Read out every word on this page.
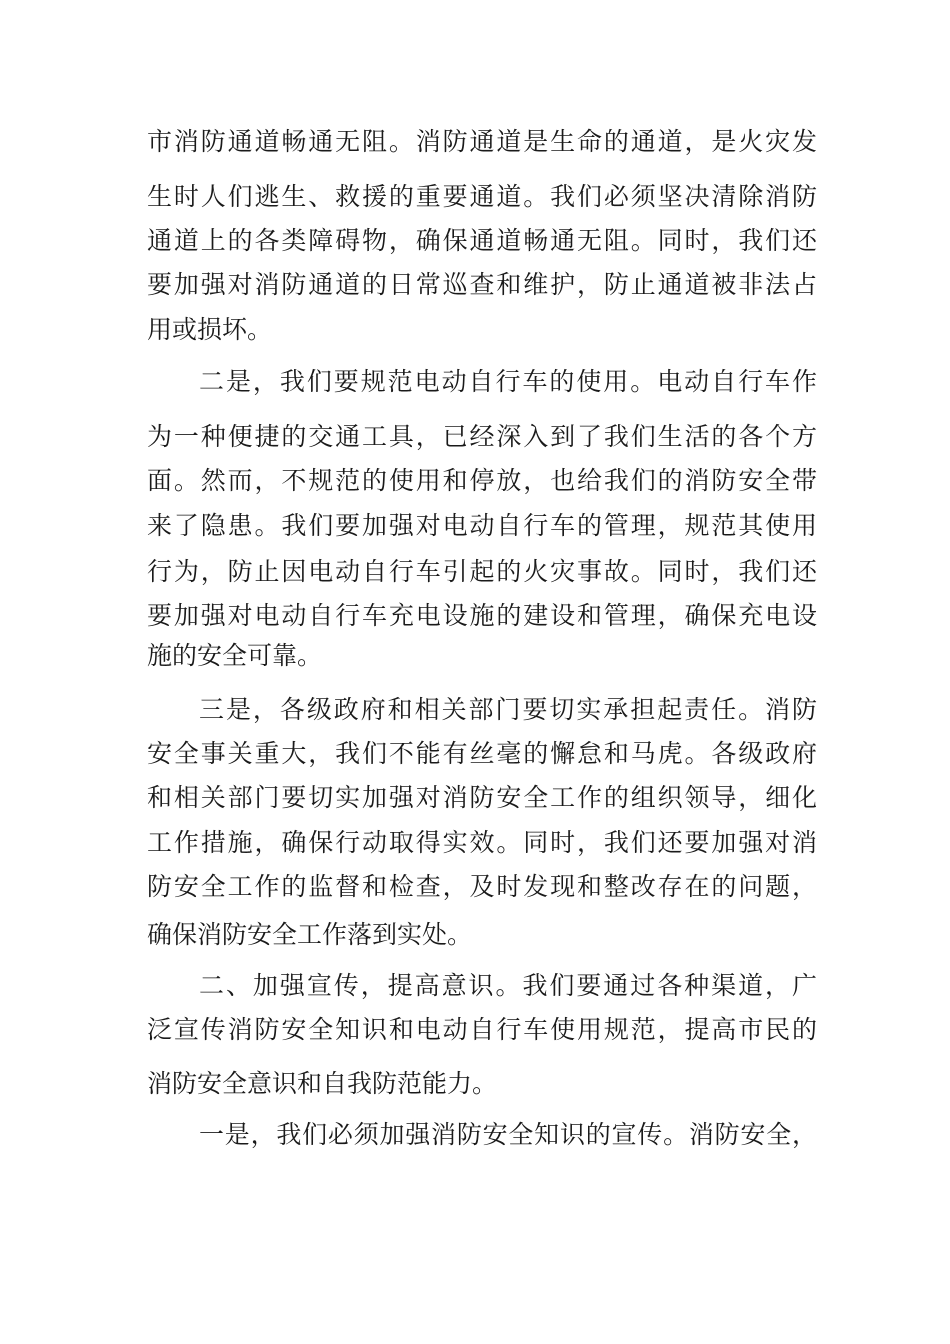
市消防通道畅通无阻。消防通道是生命的通道，是火灾发
生时人们逃生、救援的重要通道。我们必须坚决清除消防
通道上的各类障碍物，确保通道畅通无阻。同时，我们还
要加强对消防通道的日常巡查和维护，防止通道被非法占
用或损坏。
二是，我们要规范电动自行车的使用。电动自行车作
为一种便捷的交通工具，已经深入到了我们生活的各个方
面。然而，不规范的使用和停放，也给我们的消防安全带
来了隐患。我们要加强对电动自行车的管理，规范其使用
行为，防止因电动自行车引起的火灾事故。同时，我们还
要加强对电动自行车充电设施的建设和管理，确保充电设
施的安全可靠。
三是，各级政府和相关部门要切实承担起责任。消防
安全事关重大，我们不能有丝毫的懈怠和马虎。各级政府
和相关部门要切实加强对消防安全工作的组织领导，细化
工作措施，确保行动取得实效。同时，我们还要加强对消
防安全工作的监督和检查，及时发现和整改存在的问题，
确保消防安全工作落到实处。
二、加强宣传，提高意识。我们要通过各种渠道，广
泛宣传消防安全知识和电动自行车使用规范，提高市民的
消防安全意识和自我防范能力。
一是，我们必须加强消防安全知识的宣传。消防安全，
